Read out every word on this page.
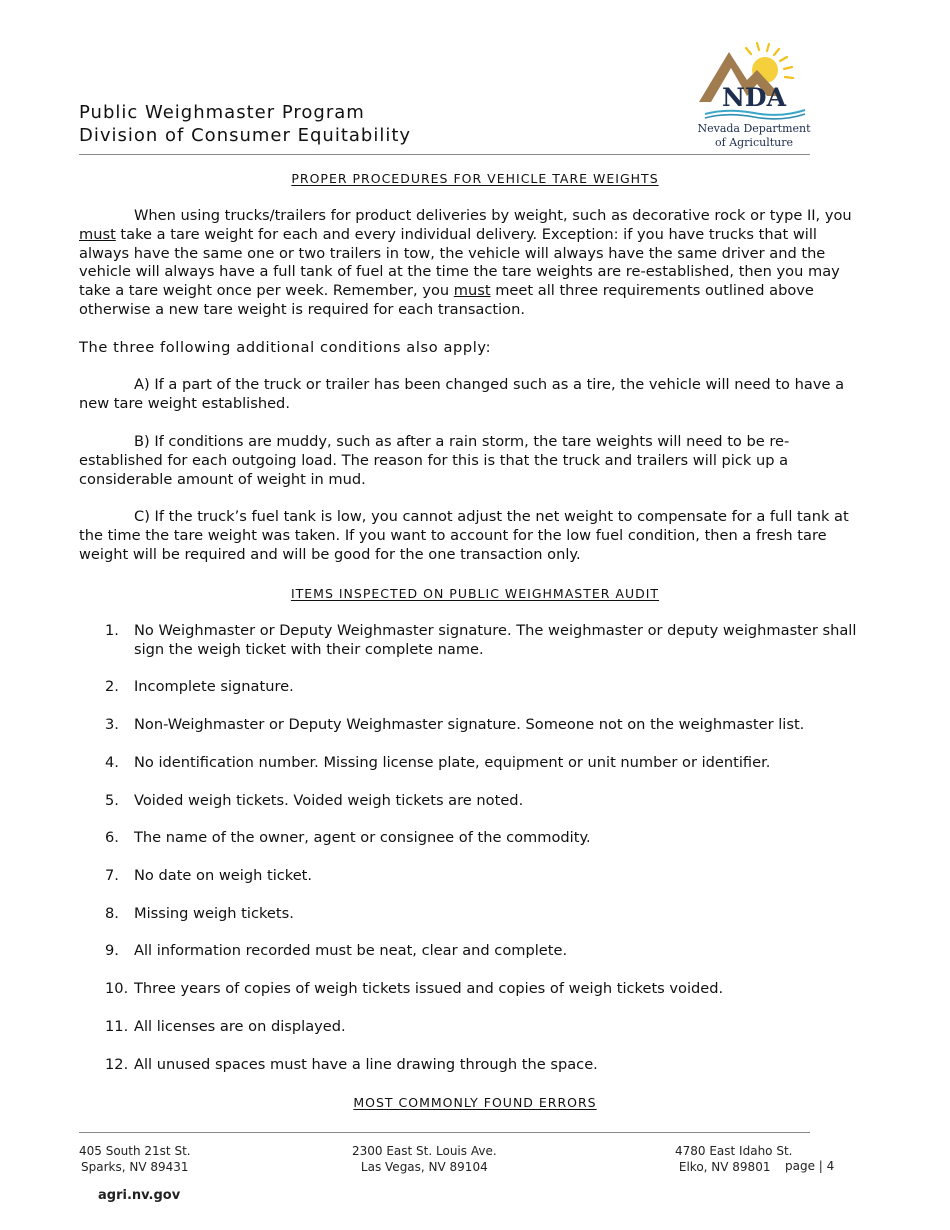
Public Weighmaster Program
Division of Consumer Equitability
NDA
Nevada Department
of Agriculture
PROPER PROCEDURES FOR VEHICLE TARE WEIGHTS
When using trucks/trailers for product deliveries by weight, such as decorative rock or type II, you must take a tare weight for each and every individual delivery. Exception: if you have trucks that will always have the same one or two trailers in tow, the vehicle will always have the same driver and the vehicle will always have a full tank of fuel at the time the tare weights are re-established, then you may take a tare weight once per week. Remember, you must meet all three requirements outlined above otherwise a new tare weight is required for each transaction.
The three following additional conditions also apply:
A) If a part of the truck or trailer has been changed such as a tire, the vehicle will need to have a new tare weight established.
B) If conditions are muddy, such as after a rain storm, the tare weights will need to be re-established for each outgoing load. The reason for this is that the truck and trailers will pick up a considerable amount of weight in mud.
C) If the truck’s fuel tank is low, you cannot adjust the net weight to compensate for a full tank at the time the tare weight was taken. If you want to account for the low fuel condition, then a fresh tare weight will be required and will be good for the one transaction only.
ITEMS INSPECTED ON PUBLIC WEIGHMASTER AUDIT
1. No Weighmaster or Deputy Weighmaster signature. The weighmaster or deputy weighmaster shall sign the weigh ticket with their complete name.
2. Incomplete signature.
3. Non-Weighmaster or Deputy Weighmaster signature. Someone not on the weighmaster list.
4. No identification number. Missing license plate, equipment or unit number or identifier.
5. Voided weigh tickets. Voided weigh tickets are noted.
6. The name of the owner, agent or consignee of the commodity.
7. No date on weigh ticket.
8. Missing weigh tickets.
9. All information recorded must be neat, clear and complete.
10. Three years of copies of weigh tickets issued and copies of weigh tickets voided.
11. All licenses are on displayed.
12. All unused spaces must have a line drawing through the space.
MOST COMMONLY FOUND ERRORS
405 South 21st St.
Sparks, NV 89431
2300 East St. Louis Ave.
Las Vegas, NV 89104
4780 East Idaho St.
Elko, NV 89801	page | 4
agri.nv.gov
